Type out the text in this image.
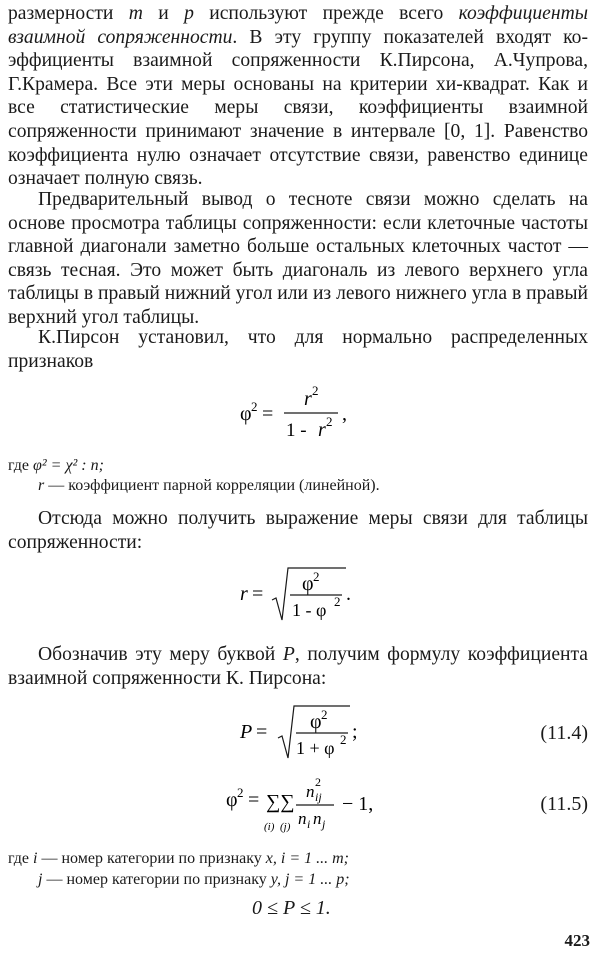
размерности m и p используют прежде всего коэффициенты взаимной сопряженности. В эту группу показателей входят коэффициенты взаимной сопряженности К.Пирсона, А.Чупрова, Г.Крамера. Все эти меры основаны на критерии хи-квадрат. Как и все статистические меры связи, коэффициенты взаимной сопряженности принимают значение в интервале [0, 1]. Равенство коэффициента нулю означает отсутствие связи, равенство единице означает полную связь.
Предварительный вывод о тесноте связи можно сделать на основе просмотра таблицы сопряженности: если клеточные частоты главной диагонали заметно больше остальных клеточных частот — связь тесная. Это может быть диагональ из левого верхнего угла таблицы в правый нижний угол или из левого нижнего угла в правый верхний угол таблицы.
К.Пирсон установил, что для нормально распределенных признаков
φ 2 =
r 2
1 - r 2 ,
где φ² = χ² : n;
r — коэффициент парной корреляции (линейной).
Отсюда можно получить выражение меры связи для таблицы сопряженности:
r = φ 2
1 - φ 2 .
Обозначив эту меру буквой P, получим формулу коэффициента взаимной сопряженности К. Пирсона:
P = φ 2
1 + φ 2 ;	(11.4)
φ 2 = ∑∑
(i) (j)
n 2
ij
n i n j
− 1,	(11.5)
где i — номер категории по признаку x, i = 1 ... m;
j — номер категории по признаку y, j = 1 ... p;
0 ≤ P ≤ 1.
423
